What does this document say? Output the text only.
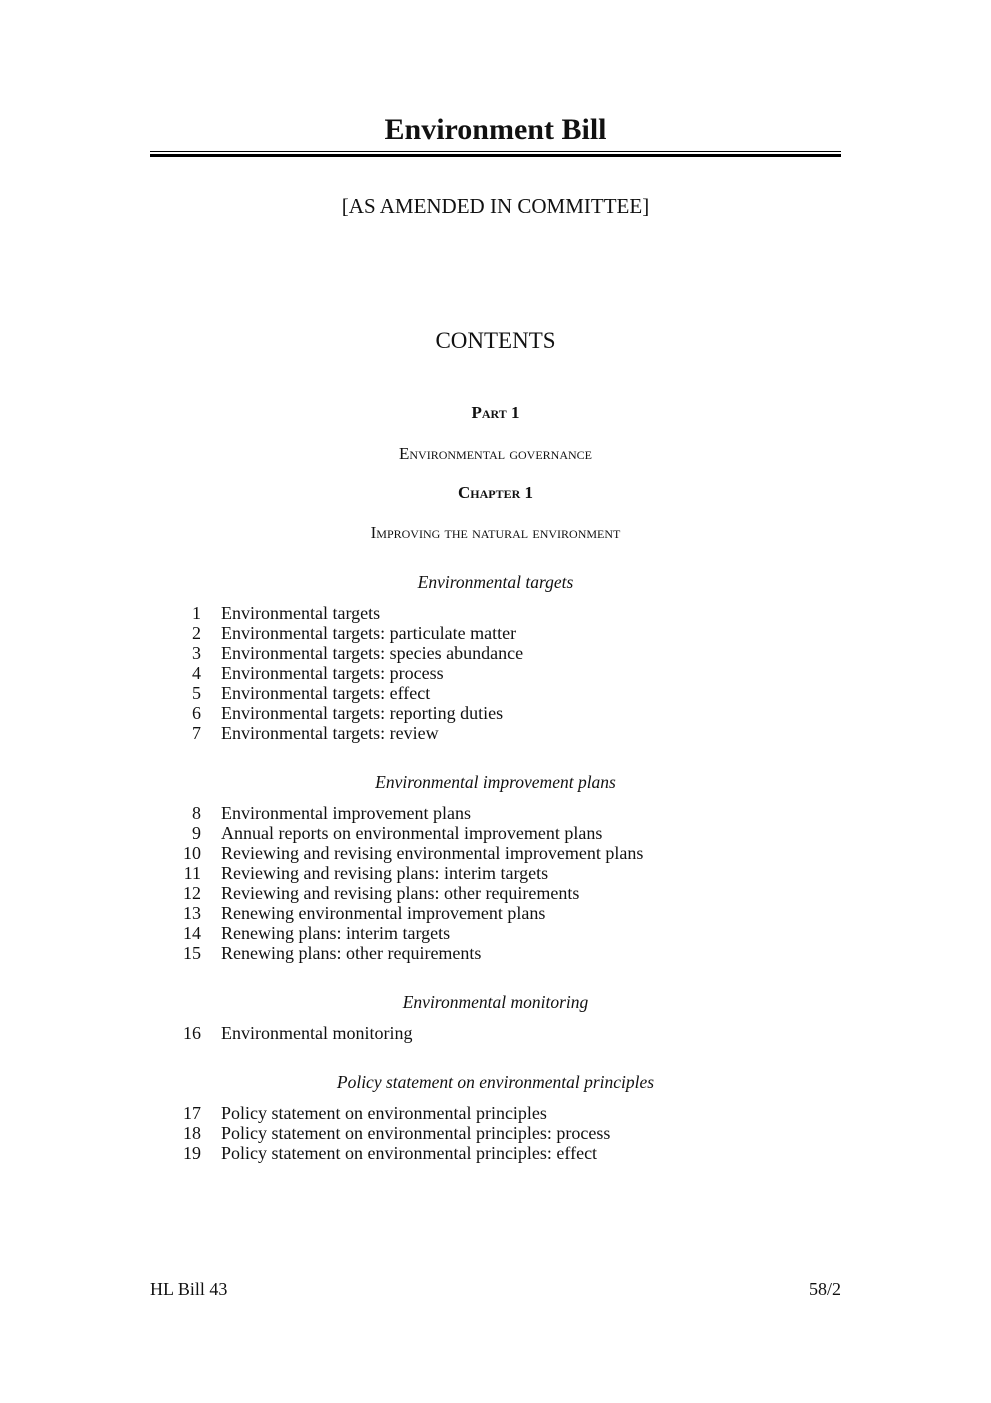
Environment Bill
[AS AMENDED IN COMMITTEE]
CONTENTS
Part 1
Environmental governance
Chapter 1
Improving the natural environment
Environmental targets
1 Environmental targets
2 Environmental targets: particulate matter
3 Environmental targets: species abundance
4 Environmental targets: process
5 Environmental targets: effect
6 Environmental targets: reporting duties
7 Environmental targets: review
Environmental improvement plans
8 Environmental improvement plans
9 Annual reports on environmental improvement plans
10 Reviewing and revising environmental improvement plans
11 Reviewing and revising plans: interim targets
12 Reviewing and revising plans: other requirements
13 Renewing environmental improvement plans
14 Renewing plans: interim targets
15 Renewing plans: other requirements
Environmental monitoring
16 Environmental monitoring
Policy statement on environmental principles
17 Policy statement on environmental principles
18 Policy statement on environmental principles: process
19 Policy statement on environmental principles: effect
HL Bill 43	58/2
